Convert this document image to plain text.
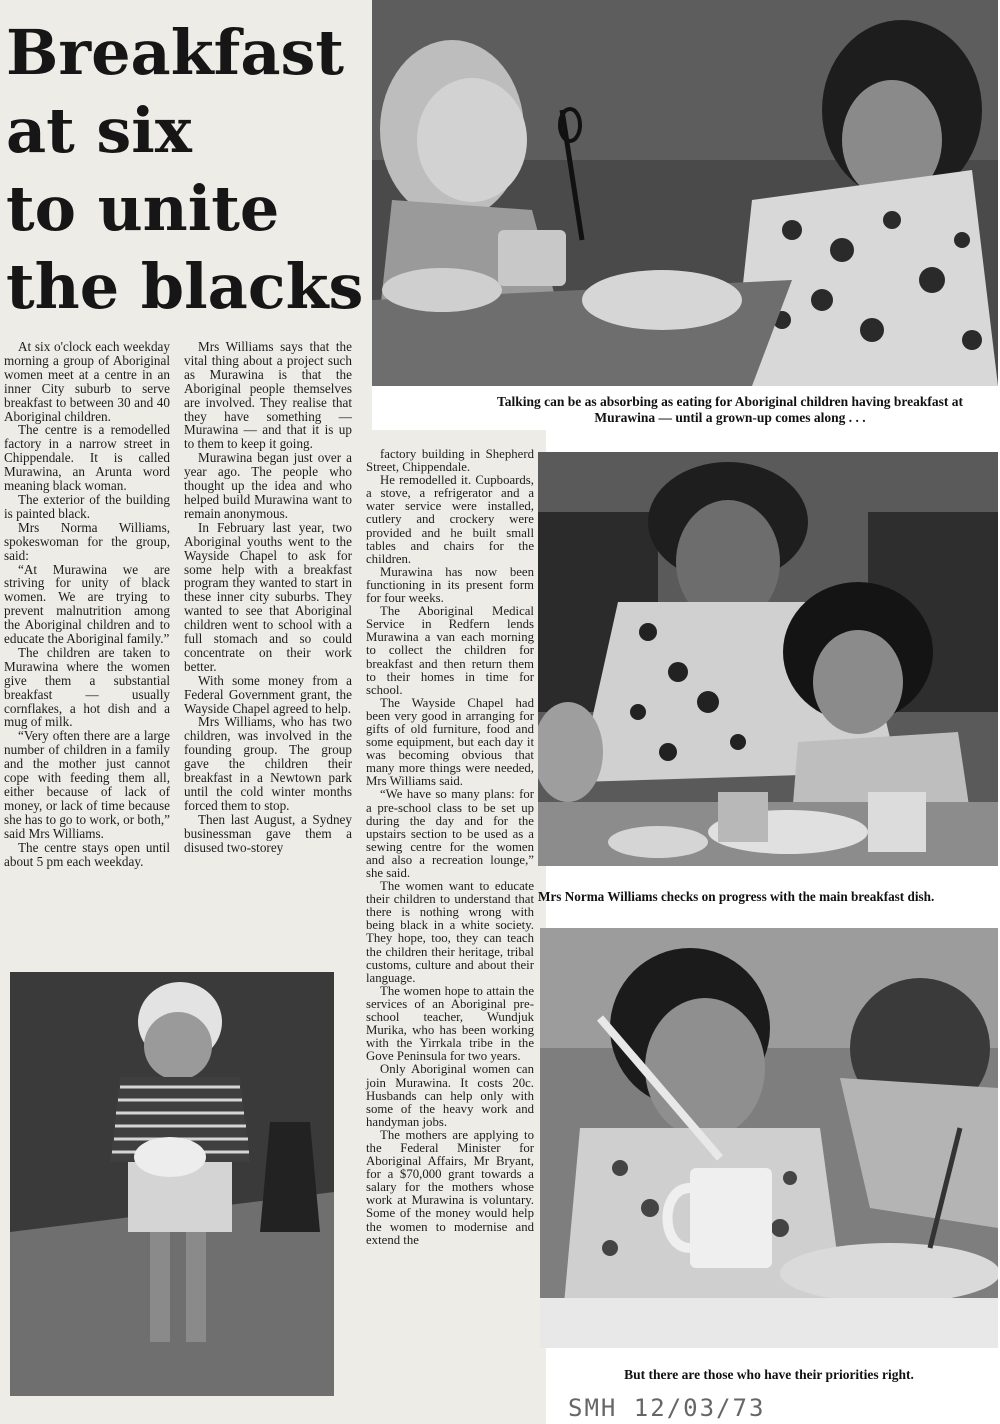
Breakfast
at six
to unite
the blacks
Talking can be as absorbing as eating for Aboriginal children having breakfast at Murawina — until a grown-up comes along . . .
Mrs Norma Williams checks on progress with the main breakfast dish.
But there are those who have their priorities right.

At six o'clock each weekday morning a group of Aboriginal women meet at a centre in an inner City suburb to serve breakfast to between 30 and 40 Aboriginal children.

The centre is a remodelled factory in a narrow street in Chippendale. It is called Murawina, an Arunta word meaning black woman.

The exterior of the building is painted black.

Mrs Norma Williams, spokeswoman for the group, said:

“At Murawina we are striving for unity of black women. We are trying to prevent malnutrition among the Aboriginal children and to educate the Aboriginal family.”

The children are taken to Murawina where the women give them a substantial breakfast — usually cornflakes, a hot dish and a mug of milk.

“Very often there are a large number of children in a family and the mother just cannot cope with feeding them all, either because of lack of money, or lack of time because she has to go to work, or both,” said Mrs Williams.

The centre stays open until about 5 pm each weekday.

Mrs Williams says that the vital thing about a project such as Murawina is that the Aboriginal people themselves are involved. They realise that they have something — Murawina — and that it is up to them to keep it going.

Murawina began just over a year ago. The people who thought up the idea and who helped build Murawina want to remain anonymous.

In February last year, two Aboriginal youths went to the Wayside Chapel to ask for some help with a breakfast program they wanted to start in these inner city suburbs. They wanted to see that Aboriginal children went to school with a full stomach and so could concentrate on their work better.

With some money from a Federal Government grant, the Wayside Chapel agreed to help.

Mrs Williams, who has two children, was involved in the founding group. The group gave the children their breakfast in a Newtown park until the cold winter months forced them to stop.

Then last August, a Sydney businessman gave them a disused two-storey

factory building in Shepherd Street, Chippendale.

He remodelled it. Cupboards, a stove, a refrigerator and a water service were installed, cutlery and crockery were provided and he built small tables and chairs for the children.

Murawina has now been functioning in its present form for four weeks.

The Aboriginal Medical Service in Redfern lends Murawina a van each morning to collect the children for breakfast and then return them to their homes in time for school.

The Wayside Chapel had been very good in arranging for gifts of old furniture, food and some equipment, but each day it was becoming obvious that many more things were needed, Mrs Williams said.

“We have so many plans: for a pre-school class to be set up during the day and for the upstairs section to be used as a sewing centre for the women and also a recreation lounge,” she said.

The women want to educate their children to understand that there is nothing wrong with being black in a white society. They hope, too, they can teach the children their heritage, tribal customs, culture and about their language.

The women hope to attain the services of an Aboriginal pre-school teacher, Wundjuk Murika, who has been working with the Yirrkala tribe in the Gove Peninsula for two years.

Only Aboriginal women can join Murawina. It costs 20c. Husbands can help only with some of the heavy work and handyman jobs.

The mothers are applying to the Federal Minister for Aboriginal Affairs, Mr Bryant, for a $70,000 grant towards a salary for the mothers whose work at Murawina is voluntary. Some of the money would help the women to modernise and extend the

SMH 12/03/73
